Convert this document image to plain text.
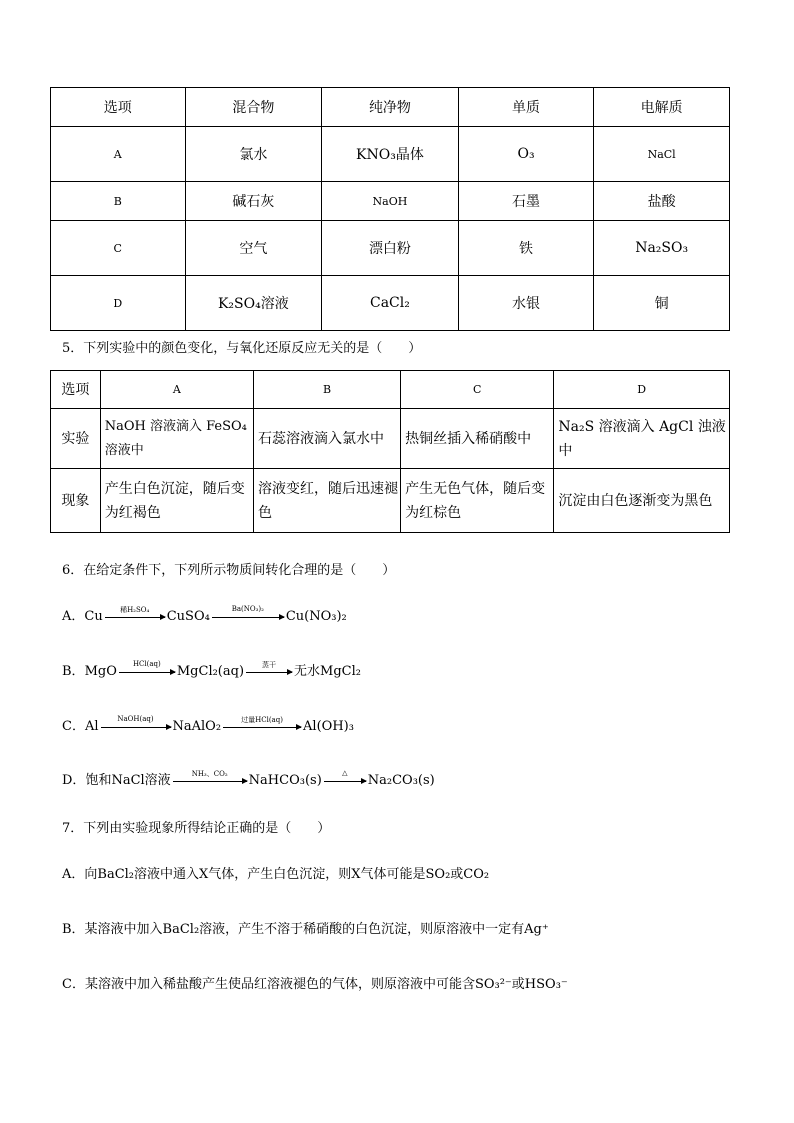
选项	混合物	纯净物	单质	电解质
A	氯水	KNO₃晶体	O₃	NaCl
B	碱石灰	NaOH	石墨	盐酸
C	空气	漂白粉	铁	Na₂SO₃
D	K₂SO₄溶液	CaCl₂	水银	铜
5．下列实验中的颜色变化，与氧化还原反应无关的是（　　）
选项	A	B	C	D
实验	NaOH 溶液滴入 FeSO₄ 溶液中	石蕊溶液滴入氯水中	热铜丝插入稀硝酸中	Na₂S 溶液滴入 AgCl 浊液中
现象	产生白色沉淀，随后变为红褐色	溶液变红，随后迅速褪色	产生无色气体，随后变为红棕色	沉淀由白色逐渐变为黑色
6．在给定条件下，下列所示物质间转化合理的是（　　）
A．Cu	稀H₂SO₄	CuSO₄	Ba(NO₃)₂	Cu(NO₃)₂
B．MgO	HCl(aq)	MgCl₂(aq)	蒸干	无水MgCl₂
C．Al	NaOH(aq)	NaAlO₂	过量HCl(aq)	Al(OH)₃
D．饱和NaCl溶液	NH₃、CO₂	NaHCO₃(s)	△	Na₂CO₃(s)
7．下列由实验现象所得结论正确的是（　　）
A．向BaCl₂溶液中通入X气体，产生白色沉淀，则X气体可能是SO₂或CO₂
B．某溶液中加入BaCl₂溶液，产生不溶于稀硝酸的白色沉淀，则原溶液中一定有Ag⁺
C．某溶液中加入稀盐酸产生使品红溶液褪色的气体，则原溶液中可能含SO₃²⁻或HSO₃⁻
